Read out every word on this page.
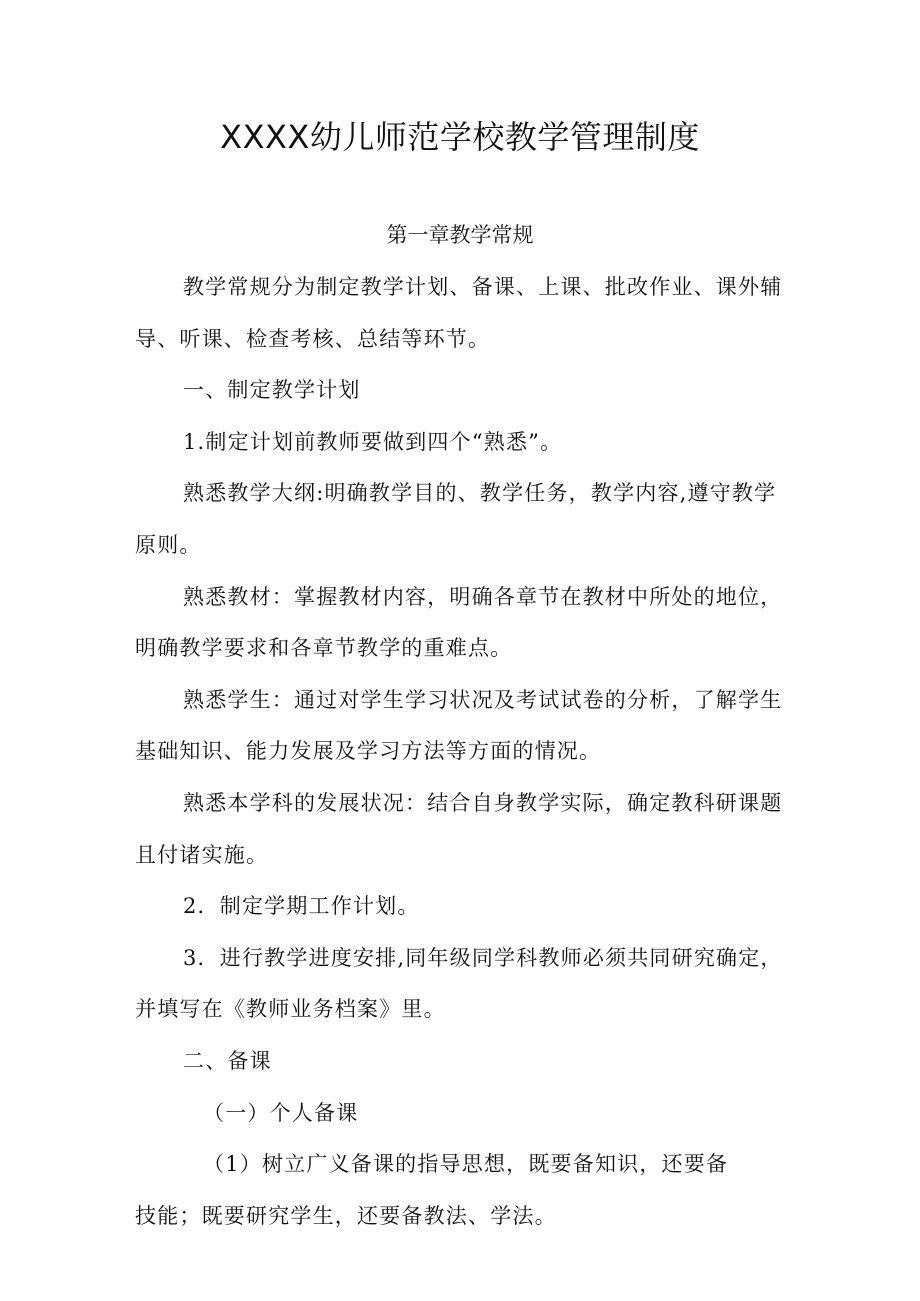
XXXX幼儿师范学校教学管理制度
第一章教学常规

教学常规分为制定教学计划、备课、上课、批改作业、课外辅导、听课、检查考核、总结等环节。

一、制定教学计划

1.制定计划前教师要做到四个“熟悉”。

熟悉教学大纲:明确教学目的、教学任务，教学内容,遵守教学原则。

熟悉教材：掌握教材内容，明确各章节在教材中所处的地位，明确教学要求和各章节教学的重难点。

熟悉学生：通过对学生学习状况及考试试卷的分析，了解学生基础知识、能力发展及学习方法等方面的情况。

熟悉本学科的发展状况：结合自身教学实际，确定教科研课题且付诸实施。

2．制定学期工作计划。

3．进行教学进度安排,同年级同学科教师必须共同研究确定，并填写在《教师业务档案》里。

二、备课

（一）个人备课

（1）树立广义备课的指导思想，既要备知识，还要备

技能；既要研究学生，还要备教法、学法。
